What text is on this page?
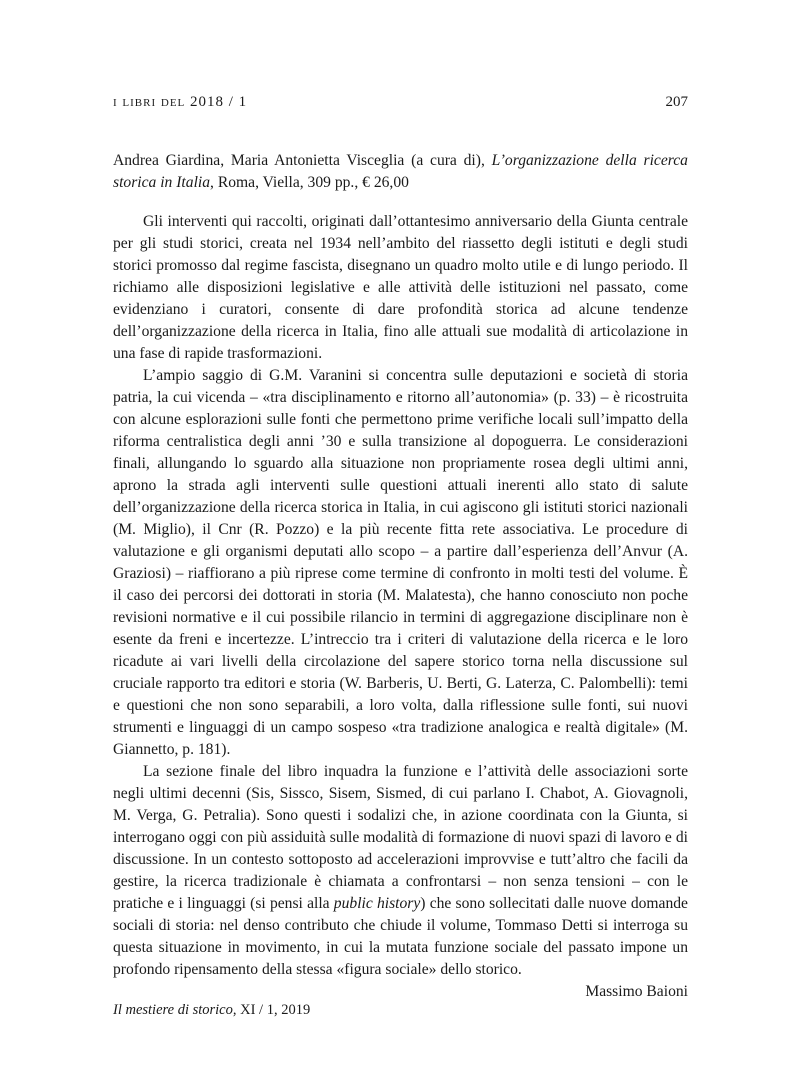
i libri del 2018 / 1	207
Andrea Giardina, Maria Antonietta Visceglia (a cura di), L’organizzazione della ricerca storica in Italia, Roma, Viella, 309 pp., € 26,00

Gli interventi qui raccolti, originati dall’ottantesimo anniversario della Giunta centrale per gli studi storici, creata nel 1934 nell’ambito del riassetto degli istituti e degli studi storici promosso dal regime fascista, disegnano un quadro molto utile e di lungo periodo. Il richiamo alle disposizioni legislative e alle attività delle istituzioni nel passato, come evidenziano i curatori, consente di dare profondità storica ad alcune tendenze dell’organizzazione della ricerca in Italia, fino alle attuali sue modalità di articolazione in una fase di rapide trasformazioni.

L’ampio saggio di G.M. Varanini si concentra sulle deputazioni e società di storia patria, la cui vicenda – «tra disciplinamento e ritorno all’autonomia» (p. 33) – è ricostruita con alcune esplorazioni sulle fonti che permettono prime verifiche locali sull’impatto della riforma centralistica degli anni ’30 e sulla transizione al dopoguerra. Le considerazioni finali, allungando lo sguardo alla situazione non propriamente rosea degli ultimi anni, aprono la strada agli interventi sulle questioni attuali inerenti allo stato di salute dell’organizzazione della ricerca storica in Italia, in cui agiscono gli istituti storici nazionali (M. Miglio), il Cnr (R. Pozzo) e la più recente fitta rete associativa. Le procedure di valutazione e gli organismi deputati allo scopo – a partire dall’esperienza dell’Anvur (A. Graziosi) – riaffiorano a più riprese come termine di confronto in molti testi del volume. È il caso dei percorsi dei dottorati in storia (M. Malatesta), che hanno conosciuto non poche revisioni normative e il cui possibile rilancio in termini di aggregazione disciplinare non è esente da freni e incertezze. L’intreccio tra i criteri di valutazione della ricerca e le loro ricadute ai vari livelli della circolazione del sapere storico torna nella discussione sul cruciale rapporto tra editori e storia (W. Barberis, U. Berti, G. Laterza, C. Palombelli): temi e questioni che non sono separabili, a loro volta, dalla riflessione sulle fonti, sui nuovi strumenti e linguaggi di un campo sospeso «tra tradizione analogica e realtà digitale» (M. Giannetto, p. 181).

La sezione finale del libro inquadra la funzione e l’attività delle associazioni sorte negli ultimi decenni (Sis, Sissco, Sisem, Sismed, di cui parlano I. Chabot, A. Giovagnoli, M. Verga, G. Petralia). Sono questi i sodalizi che, in azione coordinata con la Giunta, si interrogano oggi con più assiduità sulle modalità di formazione di nuovi spazi di lavoro e di discussione. In un contesto sottoposto ad accelerazioni improvvise e tutt’altro che facili da gestire, la ricerca tradizionale è chiamata a confrontarsi – non senza tensioni – con le pratiche e i linguaggi (si pensi alla public history) che sono sollecitati dalle nuove domande sociali di storia: nel denso contributo che chiude il volume, Tommaso Detti si interroga su questa situazione in movimento, in cui la mutata funzione sociale del passato impone un profondo ripensamento della stessa «figura sociale» dello storico.

Massimo Baioni
Il mestiere di storico, XI / 1, 2019
